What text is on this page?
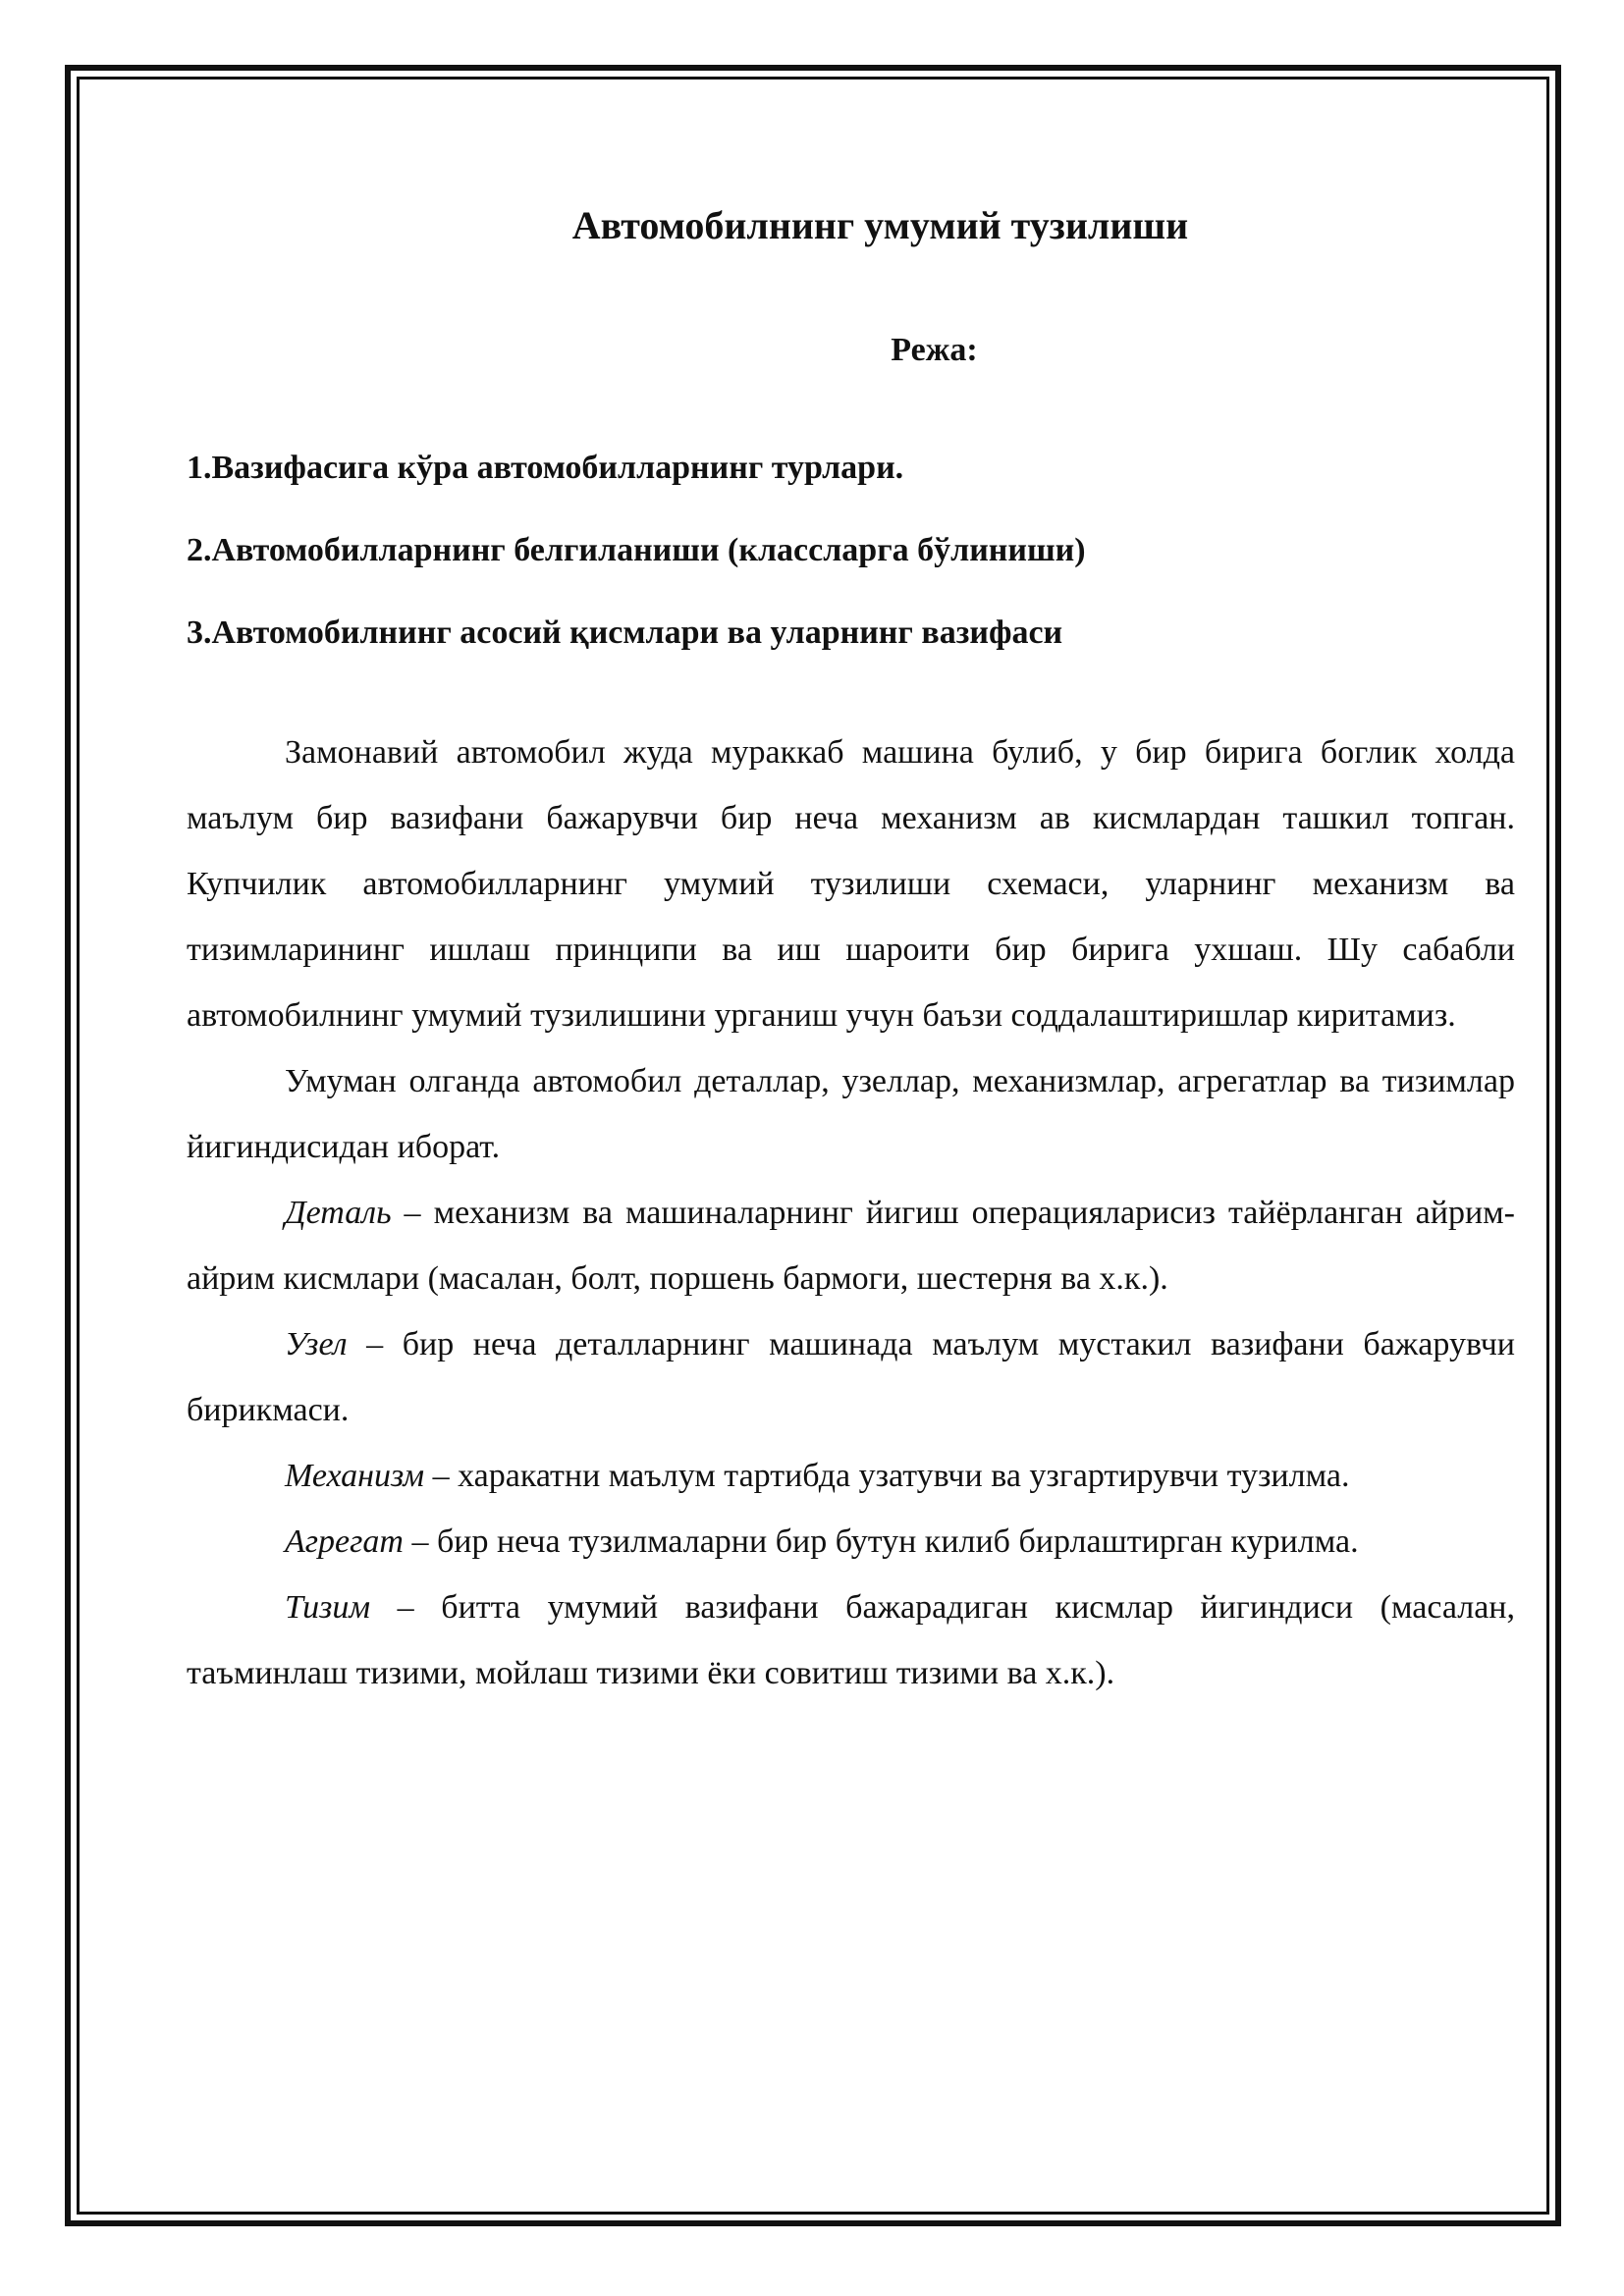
Автомобилнинг умумий тузилиши
Режа:
1.Вазифасига кўра автомобилларнинг турлари.
2.Автомобилларнинг белгиланиши (классларга бўлиниши)
3.Автомобилнинг асосий қисмлари ва уларнинг вазифаси

Замонавий автомобил жуда мураккаб машина булиб, у бир бирига боглик холда маълум бир вазифани бажарувчи бир неча механизм ав кисмлардан ташкил топган. Купчилик автомобилларнинг умумий тузилиши схемаси, уларнинг механизм ва тизимларининг ишлаш принципи ва иш шароити бир бирига ухшаш. Шу сабабли автомобилнинг умумий тузилишини урганиш учун баъзи соддалаштиришлар киритамиз.

Умуман олганда автомобил деталлар, узеллар, механизмлар, агрегатлар ва тизимлар йигиндисидан иборат.

Деталь – механизм ва машиналарнинг йигиш операцияларисиз тайёрланган айрим-айрим кисмлари (масалан, болт, поршень бармоги, шестерня ва х.к.).

Узел – бир неча деталларнинг машинада маълум мустакил вазифани бажарувчи бирикмаси.

Механизм – харакатни маълум тартибда узатувчи ва узгартирувчи тузилма.

Агрегат – бир неча тузилмаларни бир бутун килиб бирлаштирган курилма.

Тизим – битта умумий вазифани бажарадиган кисмлар йигиндиси (масалан, таъминлаш тизими, мойлаш тизими ёки совитиш тизими ва х.к.).
